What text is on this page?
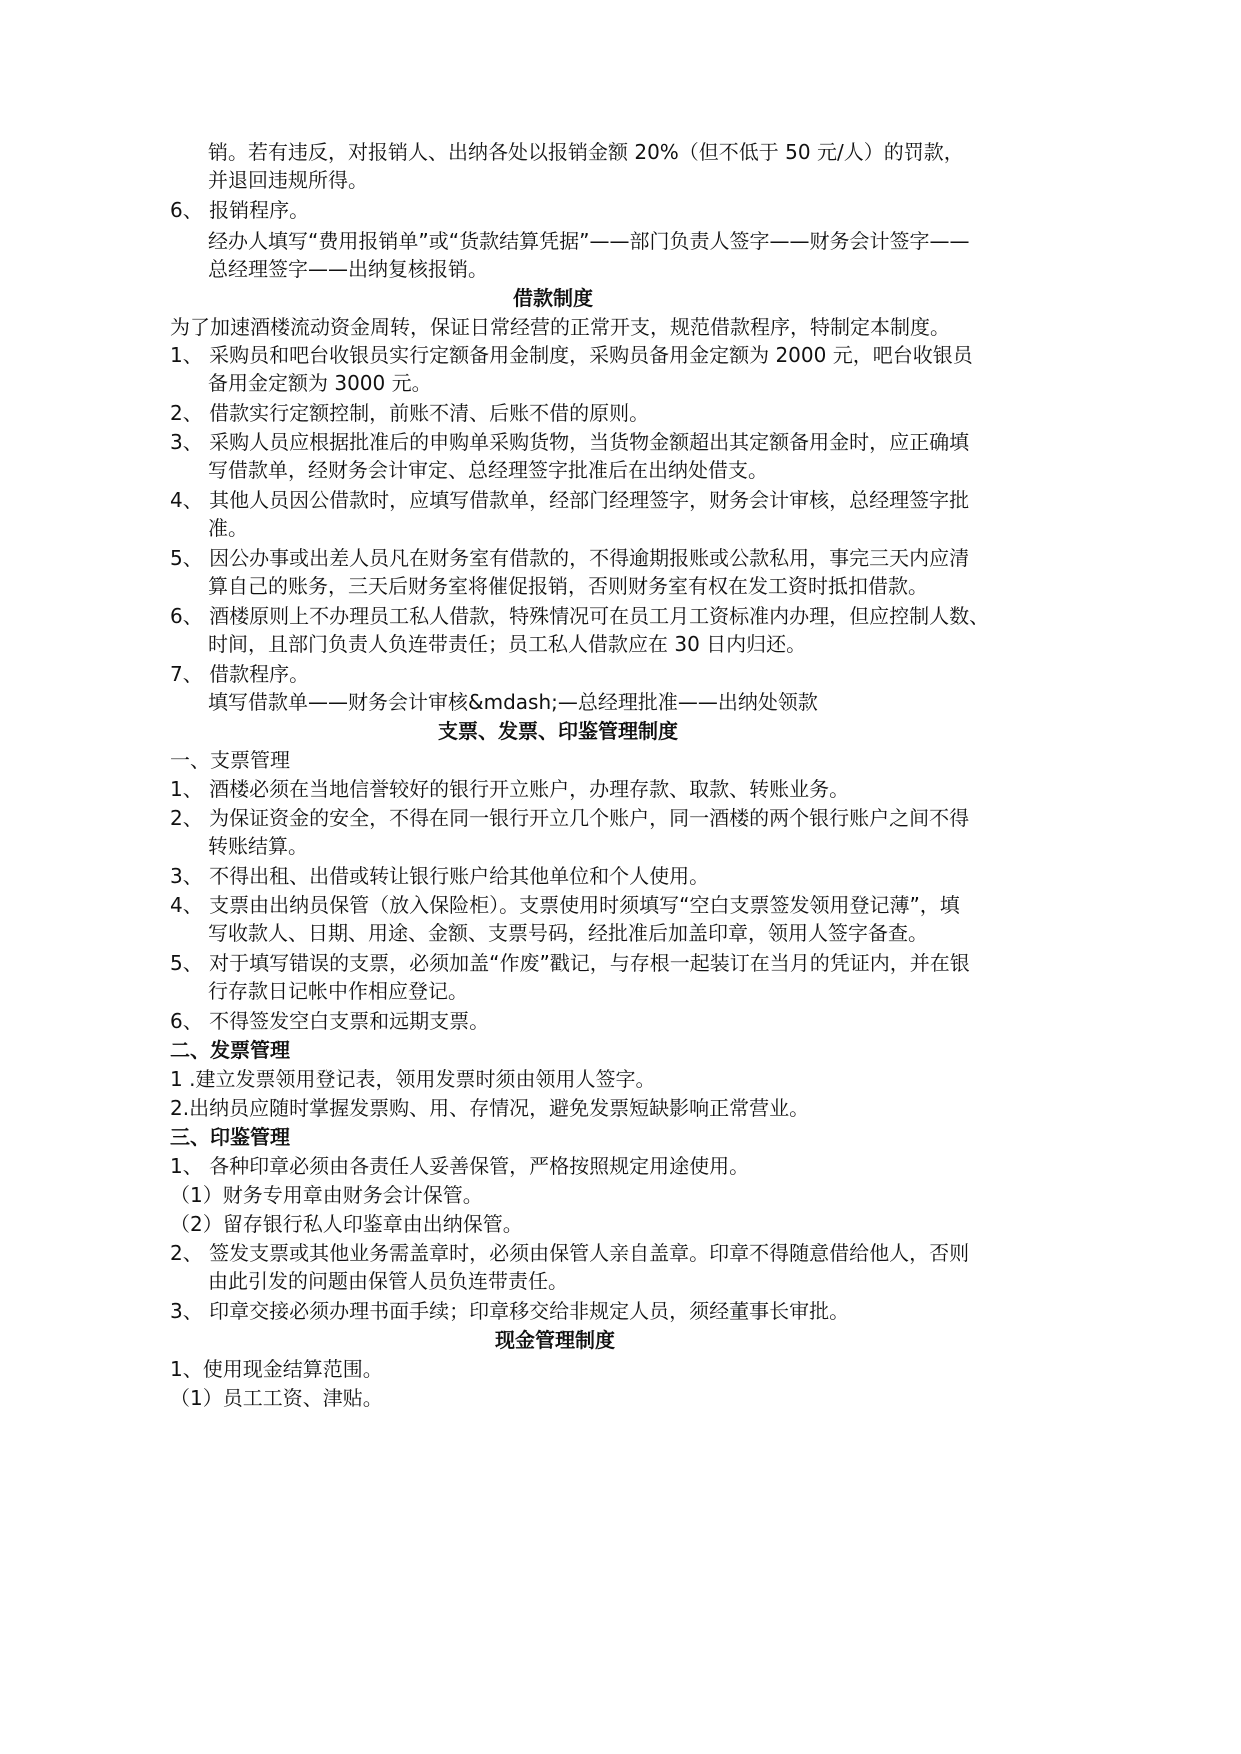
销。若有违反，对报销人、出纳各处以报销金额 20%（但不低于 50 元/人）的罚款，
并退回违规所得。
6、 报销程序。
经办人填写“费用报销单”或“货款结算凭据”——部门负责人签字——财务会计签字——
总经理签字——出纳复核报销。
借款制度
为了加速酒楼流动资金周转，保证日常经营的正常开支，规范借款程序，特制定本制度。
1、 采购员和吧台收银员实行定额备用金制度，采购员备用金定额为 2000 元，吧台收银员
备用金定额为 3000 元。
2、 借款实行定额控制，前账不清、后账不借的原则。
3、 采购人员应根据批准后的申购单采购货物，当货物金额超出其定额备用金时，应正确填
写借款单，经财务会计审定、总经理签字批准后在出纳处借支。
4、 其他人员因公借款时，应填写借款单，经部门经理签字，财务会计审核，总经理签字批
准。
5、 因公办事或出差人员凡在财务室有借款的，不得逾期报账或公款私用，事完三天内应清
算自己的账务，三天后财务室将催促报销，否则财务室有权在发工资时抵扣借款。
6、 酒楼原则上不办理员工私人借款，特殊情况可在员工月工资标准内办理，但应控制人数、
时间，且部门负责人负连带责任；员工私人借款应在 30 日内归还。
7、 借款程序。
填写借款单——财务会计审核&mdash;—总经理批准——出纳处领款
支票、发票、印鉴管理制度
一、支票管理
1、 酒楼必须在当地信誉较好的银行开立账户，办理存款、取款、转账业务。
2、 为保证资金的安全，不得在同一银行开立几个账户，同一酒楼的两个银行账户之间不得
转账结算。
3、 不得出租、出借或转让银行账户给其他单位和个人使用。
4、 支票由出纳员保管（放入保险柜）。支票使用时须填写“空白支票签发领用登记薄”，填
写收款人、日期、用途、金额、支票号码，经批准后加盖印章，领用人签字备查。
5、 对于填写错误的支票，必须加盖“作废”戳记，与存根一起装订在当月的凭证内，并在银
行存款日记帐中作相应登记。
6、 不得签发空白支票和远期支票。
二、发票管理
1 .建立发票领用登记表，领用发票时须由领用人签字。
2.出纳员应随时掌握发票购、用、存情况，避免发票短缺影响正常营业。
三、印鉴管理
1、 各种印章必须由各责任人妥善保管，严格按照规定用途使用。
（1）财务专用章由财务会计保管。
（2）留存银行私人印鉴章由出纳保管。
2、 签发支票或其他业务需盖章时，必须由保管人亲自盖章。印章不得随意借给他人，否则
由此引发的问题由保管人员负连带责任。
3、 印章交接必须办理书面手续；印章移交给非规定人员，须经董事长审批。
现金管理制度
1、使用现金结算范围。
（1）员工工资、津贴。
